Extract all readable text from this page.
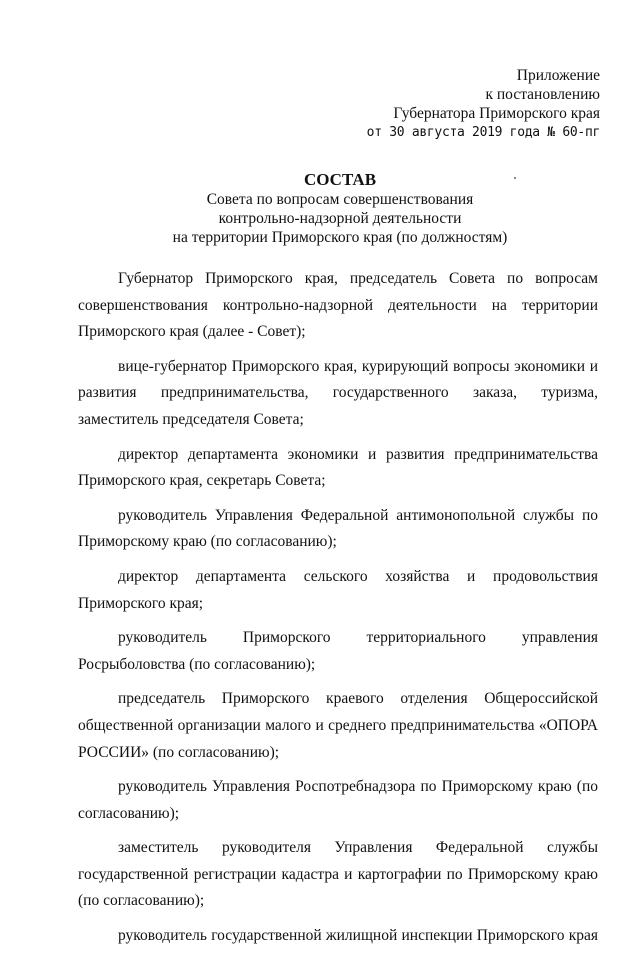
Приложение
к постановлению
Губернатора Приморского края
от 30 августа 2019 года № 60-пг
СОСТАВ
Совета по вопросам совершенствования
контрольно-надзорной деятельности
на территории Приморского края (по должностям)

Губернатор Приморского края, председатель Совета по вопросам совершенствования контрольно-надзорной деятельности на территории Приморского края (далее - Совет);

вице-губернатор Приморского края, курирующий вопросы экономики и развития предпринимательства, государственного заказа, туризма, заместитель председателя Совета;

директор департамента экономики и развития предпринимательства Приморского края, секретарь Совета;

руководитель Управления Федеральной антимонопольной службы по Приморскому краю (по согласованию);

директор департамента сельского хозяйства и продовольствия Приморского края;

руководитель Приморского территориального управления Росрыболовства (по согласованию);

председатель Приморского краевого отделения Общероссийской общественной организации малого и среднего предпринимательства «ОПОРА РОССИИ» (по согласованию);

руководитель Управления Роспотребнадзора по Приморскому краю (по согласованию);

заместитель руководителя Управления Федеральной службы государственной регистрации кадастра и картографии по Приморскому краю (по согласованию);

руководитель государственной жилищной инспекции Приморского края
